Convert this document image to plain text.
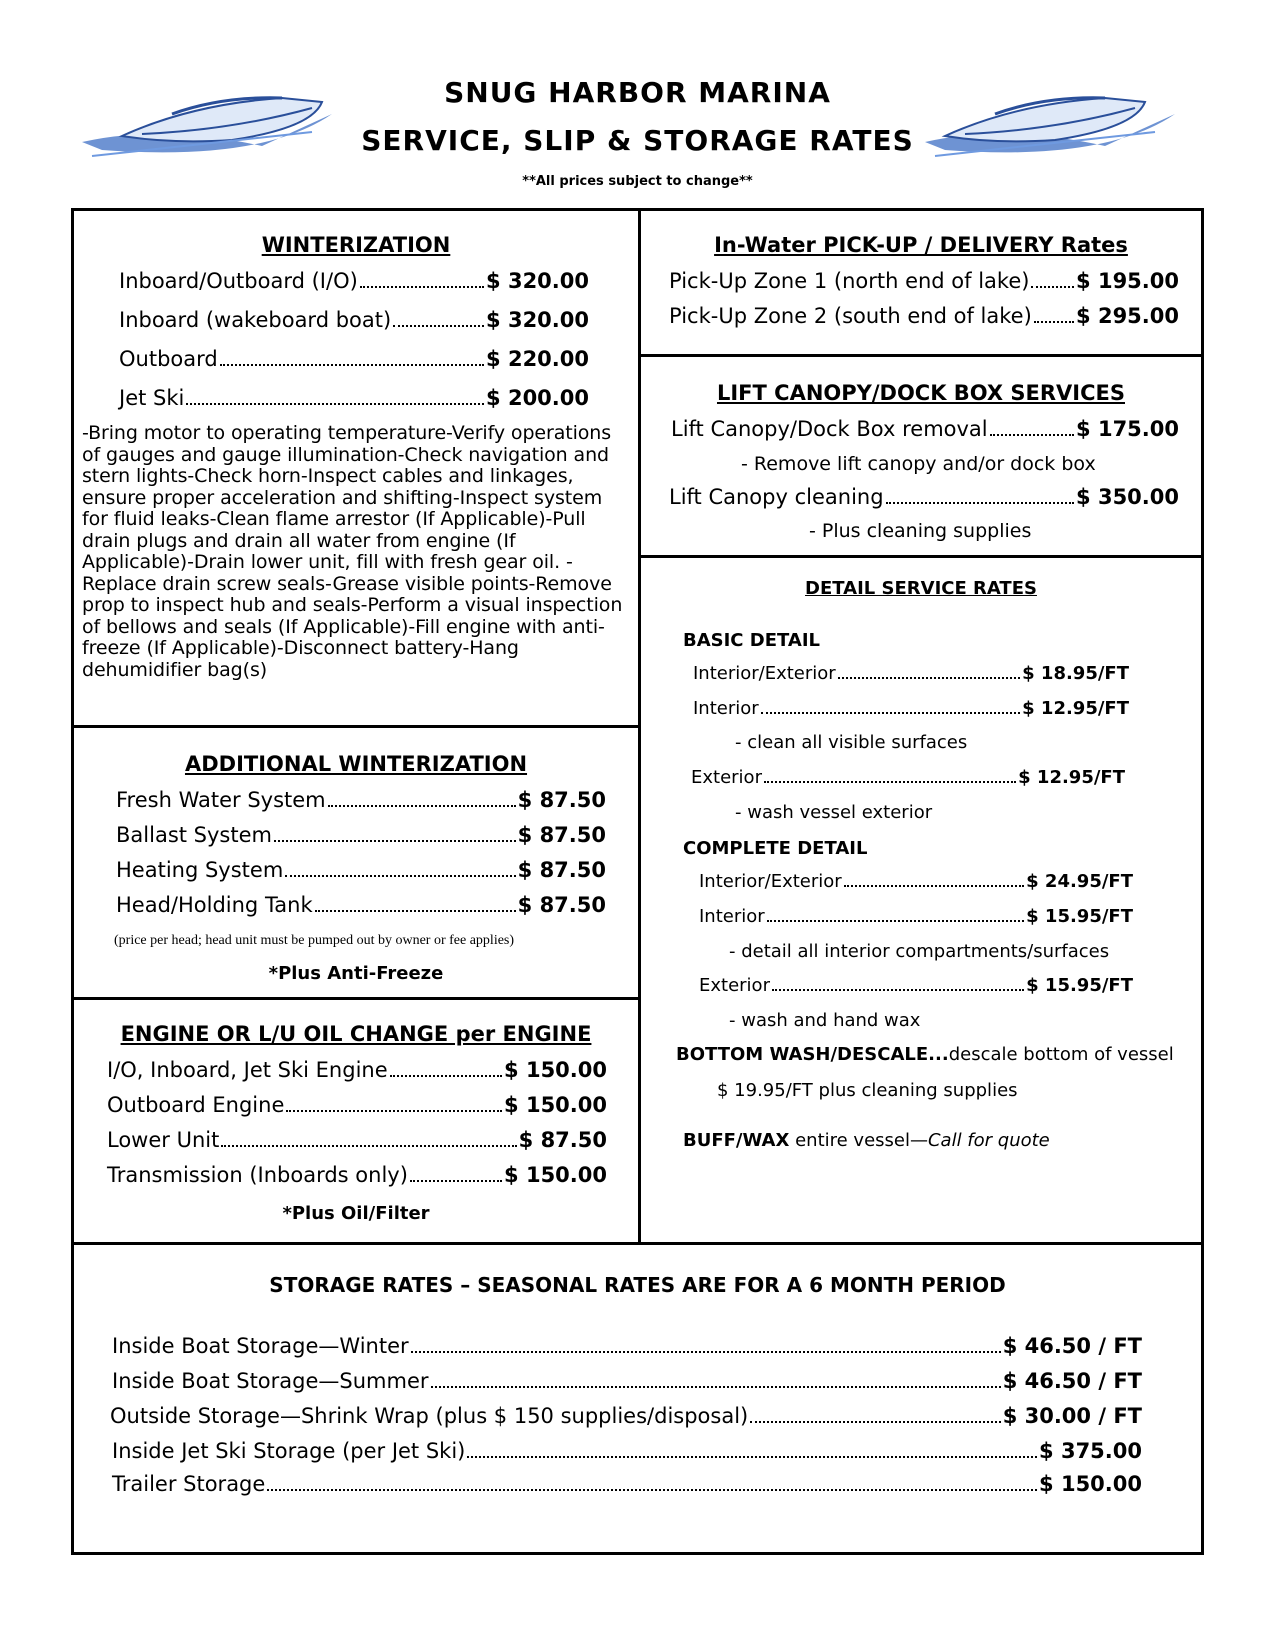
SNUG HARBOR MARINA
SERVICE, SLIP & STORAGE RATES
**All prices subject to change**
WINTERIZATION
Inboard/Outboard (I/O)	$ 320.00
Inboard (wakeboard boat)	$ 320.00
Outboard	$ 220.00
Jet Ski	$ 200.00
-Bring motor to operating temperature-Verify operations of gauges and gauge illumination-Check navigation and stern lights-Check horn-Inspect cables and linkages, ensure proper acceleration and shifting-Inspect system for fluid leaks-Clean flame arrestor (If Applicable)-Pull drain plugs and drain all water from engine (If Applicable)-Drain lower unit, fill with fresh gear oil. -Replace drain screw seals-Grease visible points-Remove prop to inspect hub and seals-Perform a visual inspection of bellows and seals (If Applicable)-Fill engine with anti-freeze (If Applicable)-Disconnect battery-Hang dehumidifier bag(s)
ADDITIONAL WINTERIZATION
Fresh Water System	$ 87.50
Ballast System	$ 87.50
Heating System	$ 87.50
Head/Holding Tank	$ 87.50
(price per head; head unit must be pumped out by owner or fee applies)
*Plus Anti-Freeze
ENGINE OR L/U OIL CHANGE per ENGINE
I/O, Inboard, Jet Ski Engine	$ 150.00
Outboard Engine	$ 150.00
Lower Unit	$ 87.50
Transmission (Inboards only)	$ 150.00
*Plus Oil/Filter
In-Water PICK-UP / DELIVERY Rates
Pick-Up Zone 1 (north end of lake) $ 195.00
Pick-Up Zone 2 (south end of lake) $ 295.00
LIFT CANOPY/DOCK BOX SERVICES
Lift Canopy/Dock Box removal	$ 175.00
- Remove lift canopy and/or dock box
Lift Canopy cleaning	$ 350.00
- Plus cleaning supplies
DETAIL SERVICE RATES
BASIC DETAIL
Interior/Exterior	$ 18.95/FT
Interior	$ 12.95/FT
- clean all visible surfaces
Exterior	$ 12.95/FT
- wash vessel exterior
COMPLETE DETAIL
Interior/Exterior	$ 24.95/FT
Interior	$ 15.95/FT
- detail all interior compartments/surfaces
Exterior	$ 15.95/FT
- wash and hand wax
BOTTOM WASH/DESCALE...descale bottom of vessel
$ 19.95/FT plus cleaning supplies
BUFF/WAX entire vessel—Call for quote
STORAGE RATES – SEASONAL RATES ARE FOR A 6 MONTH PERIOD
Inside Boat Storage—Winter	$ 46.50 / FT
Inside Boat Storage—Summer	$ 46.50 / FT
Outside Storage—Shrink Wrap (plus $ 150 supplies/disposal)	$ 30.00 / FT
Inside Jet Ski Storage (per Jet Ski)	$ 375.00
Trailer Storage	$ 150.00
